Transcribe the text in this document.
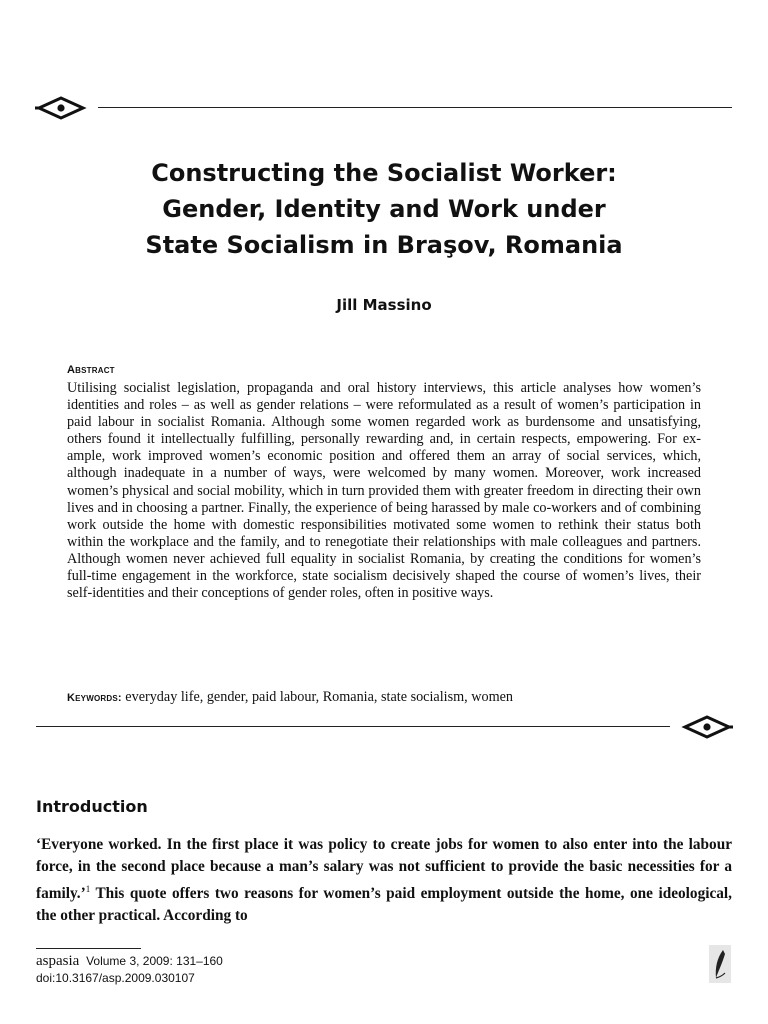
Constructing the Socialist Worker:
Gender, Identity and Work under
State Socialism in Braşov, Romania
Jill Massino
Abstract
Utilising socialist legislation, propaganda and oral history interviews, this article analyses how women’s identities and roles – as well as gender relations – were reformulated as a result of women’s participation in paid labour in socialist Romania. Although some women regarded work as burdensome and unsatisfying, others found it intellectually fulfilling, personally rewarding and, in certain respects, empowering. For example, work improved women’s economic position and offered them an array of social services, which, although inadequate in a number of ways, were welcomed by many women. Moreover, work increased women’s physical and social mobility, which in turn provided them with greater freedom in directing their own lives and in choosing a partner. Finally, the experience of being harassed by male co-workers and of combining work outside the home with domestic responsibilities motivated some women to rethink their status both within the workplace and the family, and to renegotiate their relationships with male colleagues and partners. Although women never achieved full equality in socialist Romania, by creating the conditions for women’s full-time engagement in the workforce, state socialism decisively shaped the course of women’s lives, their self-identities and their conceptions of gender roles, often in positive ways.
Keywords: everyday life, gender, paid labour, Romania, state socialism, women
Introduction
‘Everyone worked. In the first place it was policy to create jobs for women to also enter into the labour force, in the second place because a man’s salary was not sufficient to provide the basic necessities for a family.’$^1$ This quote offers two reasons for women’s paid employment outside the home, one ideological, the other practical. According to
aspasia Volume 3, 2009: 131–160
doi:10.3167/asp.2009.030107
